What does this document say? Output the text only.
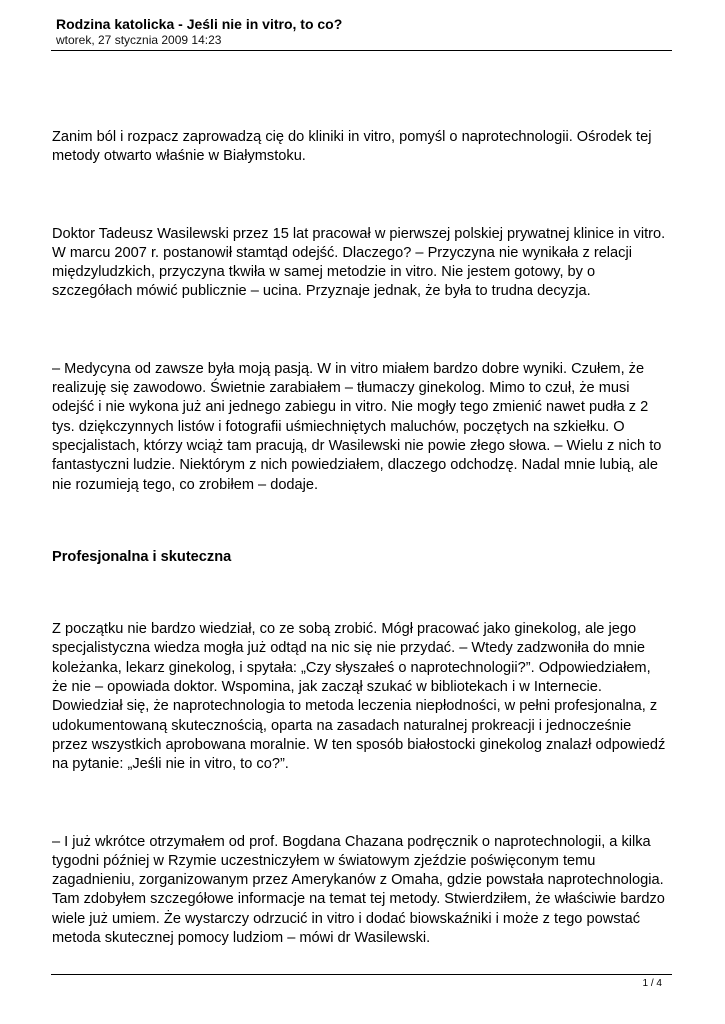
Rodzina katolicka - Jeśli nie in vitro, to co?

wtorek, 27 stycznia 2009 14:23

Zanim ból i rozpacz zaprowadzą cię do kliniki in vitro, pomyśl o naprotechnologii. Ośrodek tej metody otwarto właśnie w Białymstoku.

Doktor Tadeusz Wasilewski przez 15 lat pracował w pierwszej polskiej prywatnej klinice in vitro. W marcu 2007 r. postanowił stamtąd odejść. Dlaczego? – Przyczyna nie wynikała z relacji międzyludzkich, przyczyna tkwiła w samej metodzie in vitro. Nie jestem gotowy, by o szczegółach mówić publicznie – ucina. Przyznaje jednak, że była to trudna decyzja.

– Medycyna od zawsze była moją pasją. W in vitro miałem bardzo dobre wyniki. Czułem, że realizuję się zawodowo. Świetnie zarabiałem – tłumaczy ginekolog. Mimo to czuł, że musi odejść i nie wykona już ani jednego zabiegu in vitro. Nie mogły tego zmienić nawet pudła z 2 tys. dziękczynnych listów i fotografii uśmiechniętych maluchów, poczętych na szkiełku. O specjalistach, którzy wciąż tam pracują, dr Wasilewski nie powie złego słowa. – Wielu z nich to fantastyczni ludzie. Niektórym z nich powiedziałem, dlaczego odchodzę. Nadal mnie lubią, ale nie rozumieją tego, co zrobiłem – dodaje.

Profesjonalna i skuteczna

Z początku nie bardzo wiedział, co ze sobą zrobić. Mógł pracować jako ginekolog, ale jego specjalistyczna wiedza mogła już odtąd na nic się nie przydać. – Wtedy zadzwoniła do mnie koleżanka, lekarz ginekolog, i spytała: „Czy słyszałeś o naprotechnologii?”. Odpowiedziałem, że nie – opowiada doktor. Wspomina, jak zaczął szukać w bibliotekach i w Internecie. Dowiedział się, że naprotechnologia to metoda leczenia niepłodności, w pełni profesjonalna, z udokumentowaną skutecznością, oparta na zasadach naturalnej prokreacji i jednocześnie przez wszystkich aprobowana moralnie. W ten sposób białostocki ginekolog znalazł odpowiedź na pytanie: „Jeśli nie in vitro, to co?”.

– I już wkrótce otrzymałem od prof. Bogdana Chazana podręcznik o naprotechnologii, a kilka tygodni później w Rzymie uczestniczyłem w światowym zjeździe poświęconym temu zagadnieniu, zorganizowanym przez Amerykanów z Omaha, gdzie powstała naprotechnologia. Tam zdobyłem szczegółowe informacje na temat tej metody. Stwierdziłem, że właściwie bardzo wiele już umiem. Że wystarczy odrzucić in vitro i dodać biowskaźniki i może z tego powstać metoda skutecznej pomocy ludziom – mówi dr Wasilewski.

1 / 4
